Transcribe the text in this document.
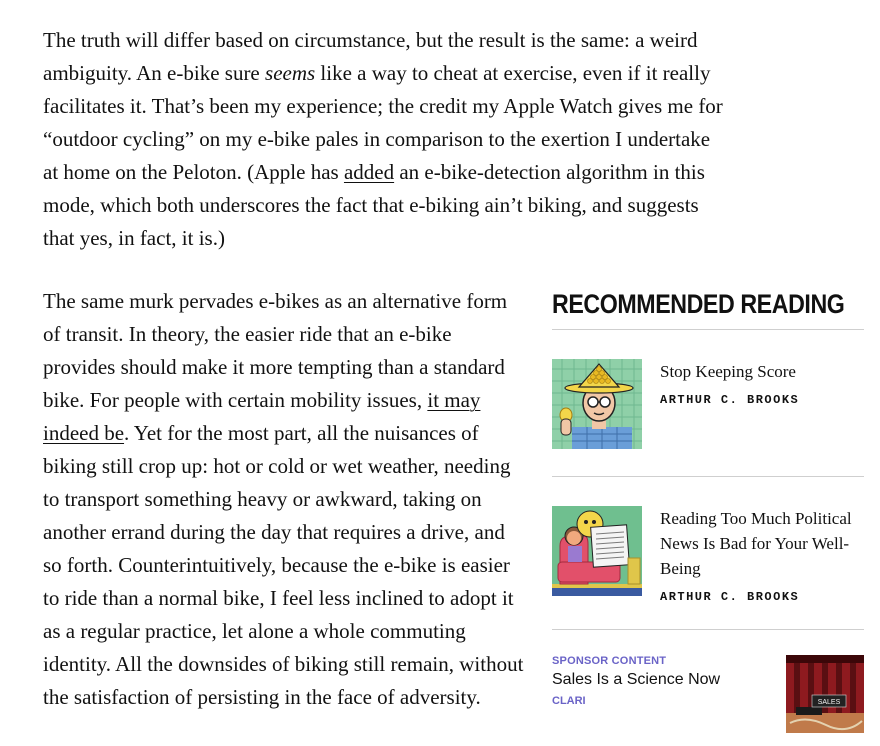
The truth will differ based on circumstance, but the result is the same: a weird ambiguity. An e-bike sure seems like a way to cheat at exercise, even if it really facilitates it. That’s been my experience; the credit my Apple Watch gives me for “outdoor cycling” on my e-bike pales in comparison to the exertion I undertake at home on the Peloton. (Apple has added an e-bike-detection algorithm in this mode, which both underscores the fact that e-biking ain’t biking, and suggests that yes, in fact, it is.)

The same murk pervades e-bikes as an alternative form of transit. In theory, the easier ride that an e-bike provides should make it more tempting than a standard bike. For people with certain mobility issues, it may indeed be. Yet for the most part, all the nuisances of biking still crop up: hot or cold or wet weather, needing to transport something heavy or awkward, taking on another errand during the day that requires a drive, and so forth. Counterintuitively, because the e-bike is easier to ride than a normal bike, I feel less inclined to adopt it as a regular practice, let alone a whole commuting identity. All the downsides of biking still remain, without the satisfaction of persisting in the face of adversity.

RECOMMENDED READING
Stop Keeping Score
ARTHUR C. BROOKS
Reading Too Much Political News Is Bad for Your Well-Being
ARTHUR C. BROOKS
SPONSOR CONTENT
Sales Is a Science Now
CLARI	SALES
